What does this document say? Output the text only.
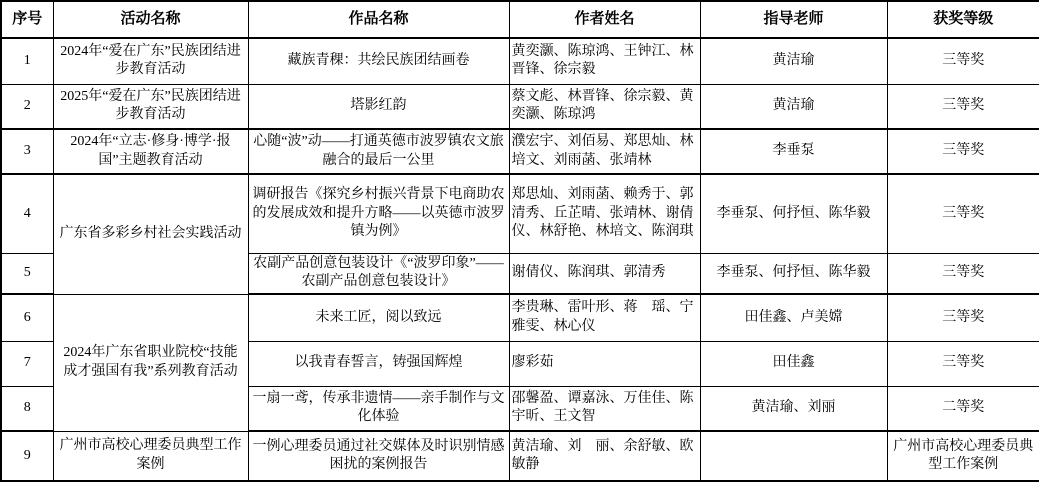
序号	活动名称	作品名称	作者姓名	指导老师	获奖等级
1	2024年“爱在广东”民族团结进步教育活动	藏族青稞：共绘民族团结画卷	黄奕灏、陈琼鸿、王钟江、林晋锋、徐宗毅	黄洁瑜	三等奖
2	2025年“爱在广东”民族团结进步教育活动	塔影红韵	蔡文彪、林晋锋、徐宗毅、黄奕灏、陈琼鸿	黄洁瑜	三等奖
3	2024年“立志·修身·博学·报国”主题教育活动	心随“波”动——打通英德市波罗镇农文旅融合的最后一公里	濮宏宇、刘佰易、郑思灿、林培文、刘雨菡、张靖林	李垂泵	三等奖
4	广东省多彩乡村社会实践活动	调研报告《探究乡村振兴背景下电商助农的发展成效和提升方略——以英德市波罗镇为例》	郑思灿、刘雨菡、赖秀于、郭清秀、丘芷晴、张靖林、谢倩仪、林舒艳、林培文、陈润琪	李垂泵、何抒恒、陈华毅	三等奖
5		农副产品创意包装设计《“波罗印象”——农副产品创意包装设计》	谢倩仪、陈润琪、郭清秀	李垂泵、何抒恒、陈华毅	三等奖
6	2024年广东省职业院校“技能成才强国有我”系列教育活动	未来工匠，阅以致远	李贵琳、雷叶形、蒋　瑶、宁雅雯、林心仪	田佳鑫、卢美嫦	三等奖
7		以我青春誓言，铸强国辉煌	廖彩茹	田佳鑫	三等奖
8		一扇一鸢，传承非遗情——亲手制作与文化体验	邵馨盈、谭嘉泳、万佳佳、陈宇昕、王文智	黄洁瑜、刘丽	二等奖
9	广州市高校心理委员典型工作案例	一例心理委员通过社交媒体及时识别情感困扰的案例报告	黄洁瑜、刘　丽、余舒敏、欧敏静		广州市高校心理委员典型工作案例
